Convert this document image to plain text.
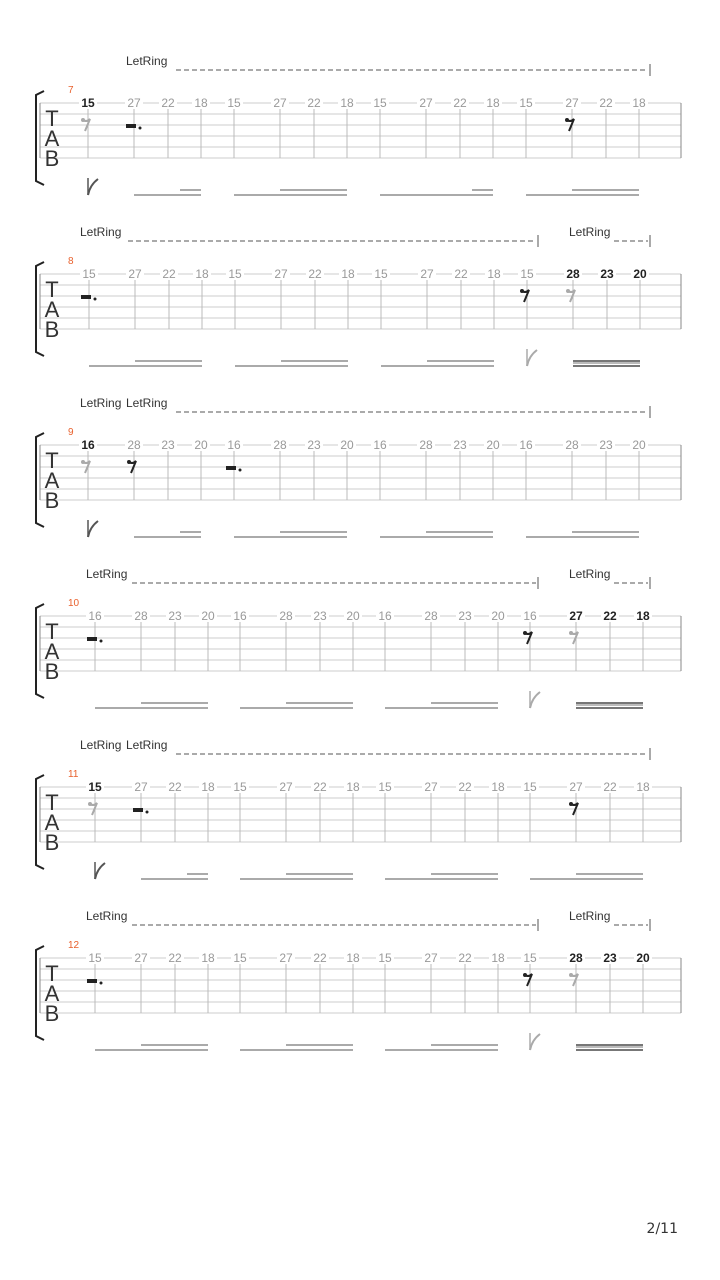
7
T
A
B
15	27 22 18 15	27 22 18 15	27 22 18 15	27 22 18
LetRing
8
T
A
B
15	27 22 18 15	27 22 18 15	27 22 18 15	28 23 20
LetRing	LetRing
9
T
A
B
16	28 23 20 16	28 23 20 16	28 23 20 16	28 23 20
LetRing LetRing
10
T
A
B
16	28 23 20 16	28 23 20 16	28 23 20 16	27 22 18
LetRing	LetRing
11
T
A
B
15	27 22 18 15	27 22 18 15	27 22 18 15	27 22 18
LetRing LetRing
12
T
A
B
15	27 22 18 15	27 22 18 15	27 22 18 15	28 23 20
LetRing	LetRing
2/11
